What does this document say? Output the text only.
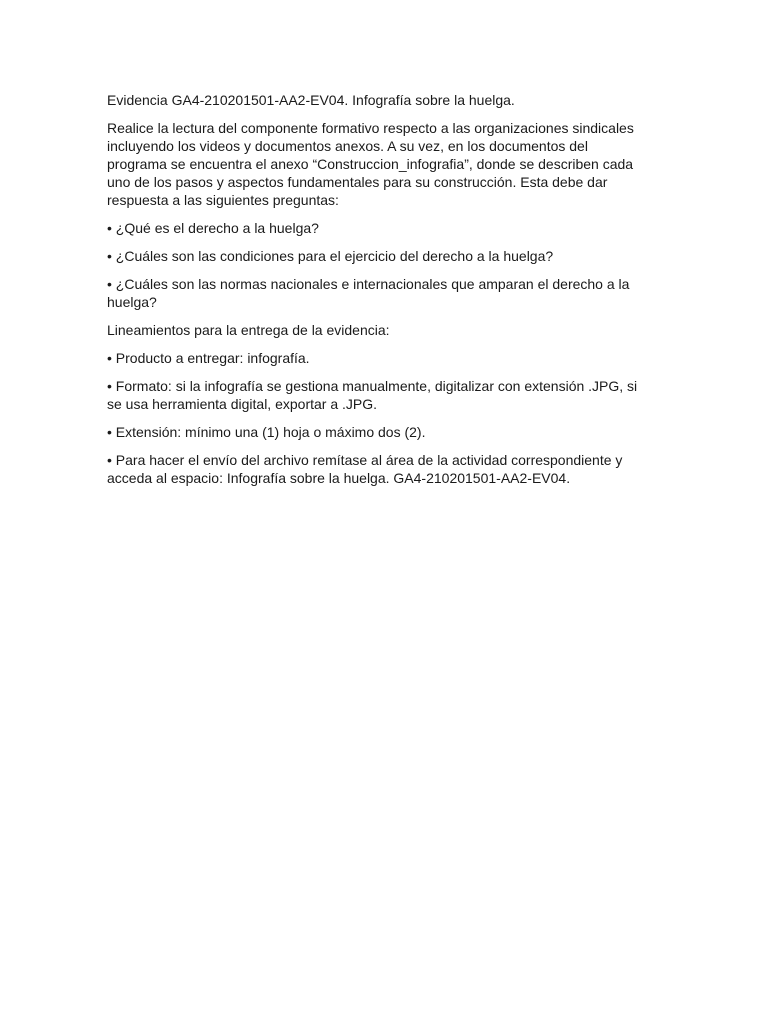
Evidencia GA4-210201501-AA2-EV04. Infografía sobre la huelga.

Realice la lectura del componente formativo respecto a las organizaciones sindicales incluyendo los videos y documentos anexos. A su vez, en los documentos del programa se encuentra el anexo “Construccion_infografia”, donde se describen cada uno de los pasos y aspectos fundamentales para su construcción. Esta debe dar respuesta a las siguientes preguntas:

• ¿Qué es el derecho a la huelga?

• ¿Cuáles son las condiciones para el ejercicio del derecho a la huelga?

• ¿Cuáles son las normas nacionales e internacionales que amparan el derecho a la huelga?

Lineamientos para la entrega de la evidencia:

• Producto a entregar: infografía.

• Formato: si la infografía se gestiona manualmente, digitalizar con extensión .JPG, si se usa herramienta digital, exportar a .JPG.

• Extensión: mínimo una (1) hoja o máximo dos (2).

• Para hacer el envío del archivo remítase al área de la actividad correspondiente y acceda al espacio: Infografía sobre la huelga. GA4-210201501-AA2-EV04.
